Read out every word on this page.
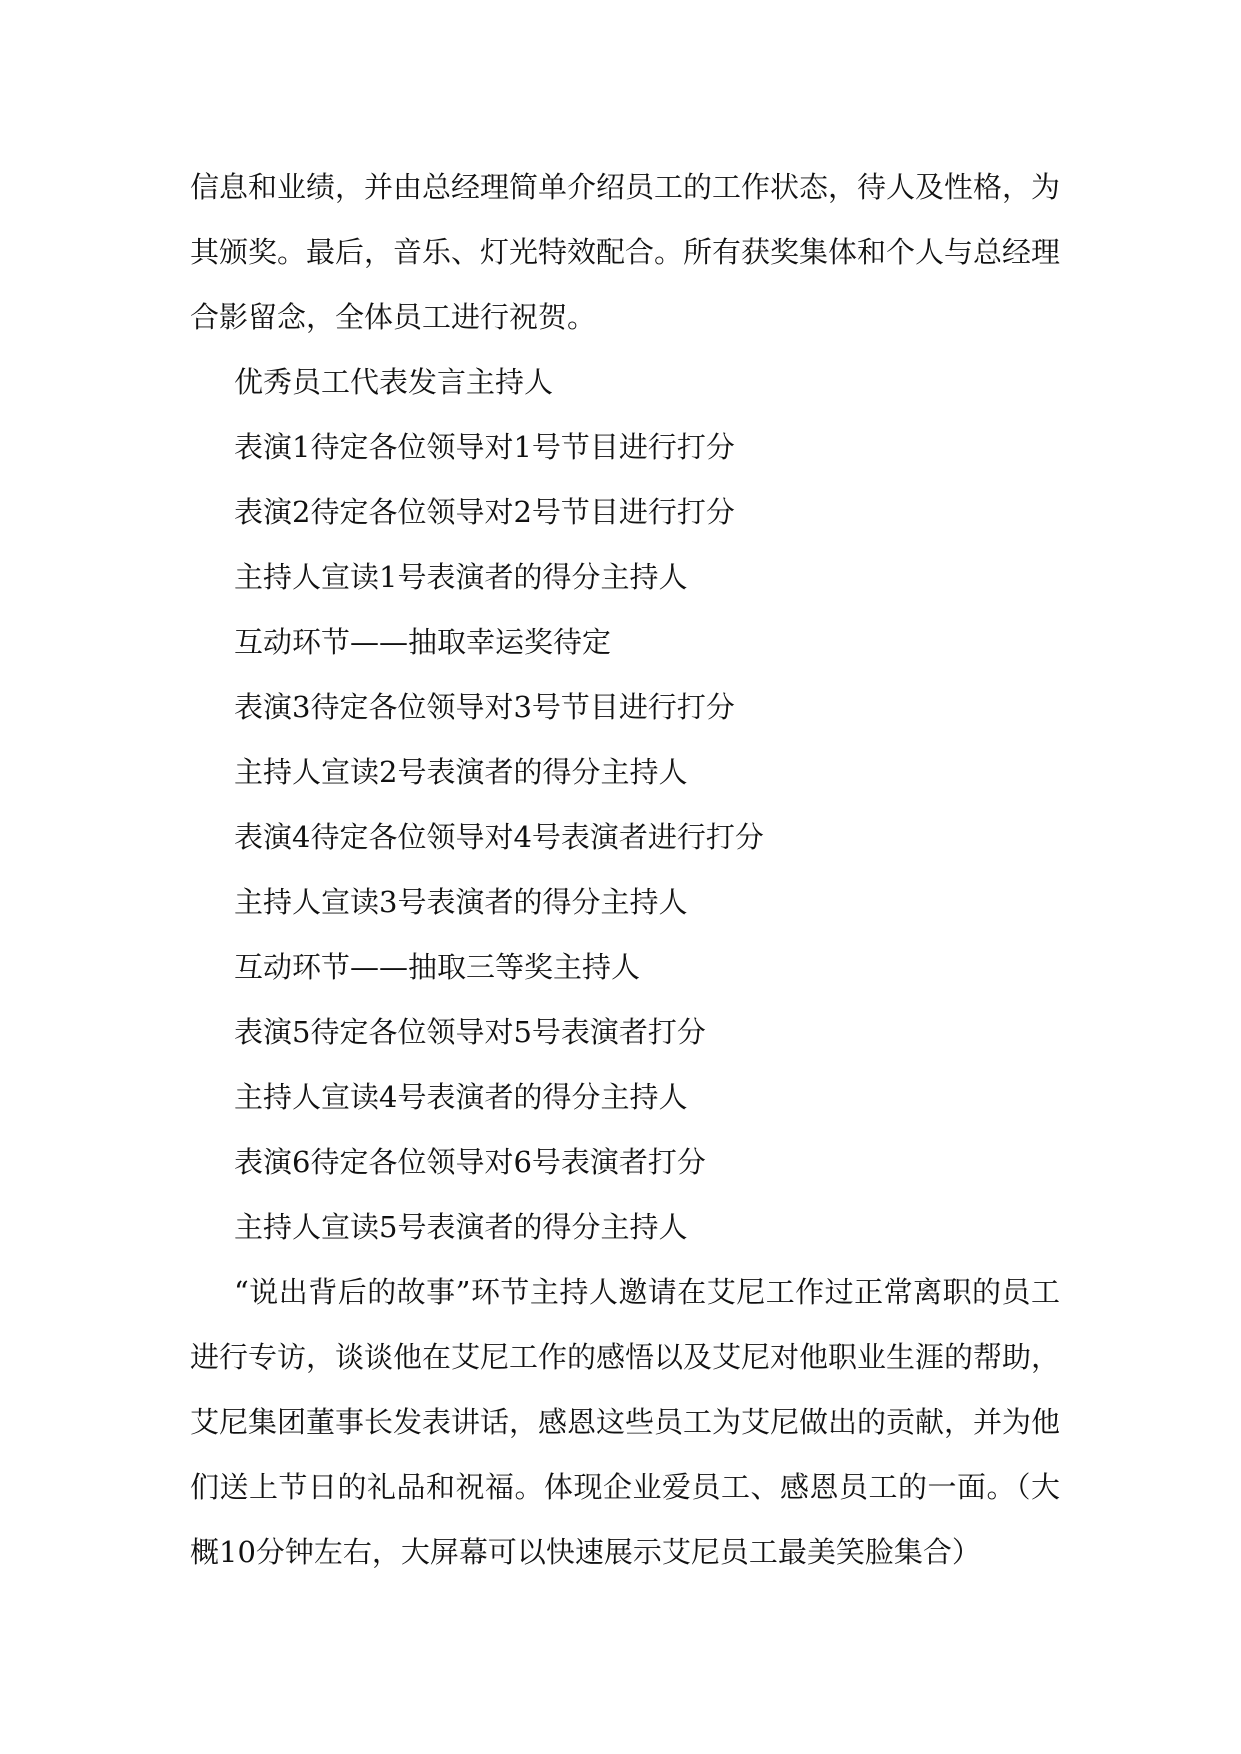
信息和业绩，并由总经理简单介绍员工的工作状态，待人及性格，为其颁奖。最后，音乐、灯光特效配合。所有获奖集体和个人与总经理合影留念，全体员工进行祝贺。

优秀员工代表发言主持人

表演1待定各位领导对1号节目进行打分

表演2待定各位领导对2号节目进行打分

主持人宣读1号表演者的得分主持人

互动环节——抽取幸运奖待定

表演3待定各位领导对3号节目进行打分

主持人宣读2号表演者的得分主持人

表演4待定各位领导对4号表演者进行打分

主持人宣读3号表演者的得分主持人

互动环节——抽取三等奖主持人

表演5待定各位领导对5号表演者打分

主持人宣读4号表演者的得分主持人

表演6待定各位领导对6号表演者打分

主持人宣读5号表演者的得分主持人

“说出背后的故事”环节主持人邀请在艾尼工作过正常离职的员工进行专访，谈谈他在艾尼工作的感悟以及艾尼对他职业生涯的帮助，艾尼集团董事长发表讲话，感恩这些员工为艾尼做出的贡献，并为他们送上节日的礼品和祝福。体现企业爱员工、感恩员工的一面。（大概10分钟左右，大屏幕可以快速展示艾尼员工最美笑脸集合）
